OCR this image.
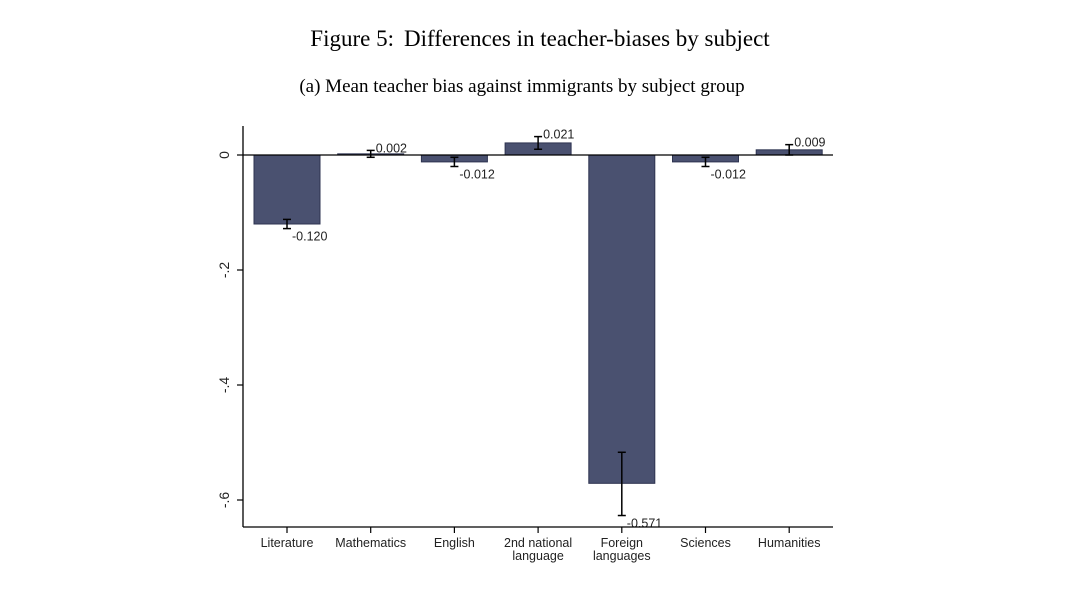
Figure 5: Differences in teacher-biases by subject
(a) Mean teacher bias against immigrants by subject group
-0.120
0.002
-0.012
0.021
-0.571
-0.012
0.009
0
-.2
-.4
-.6
Literature Mathematics English 2nd national language
Foreign languages
Sciences Humanities
